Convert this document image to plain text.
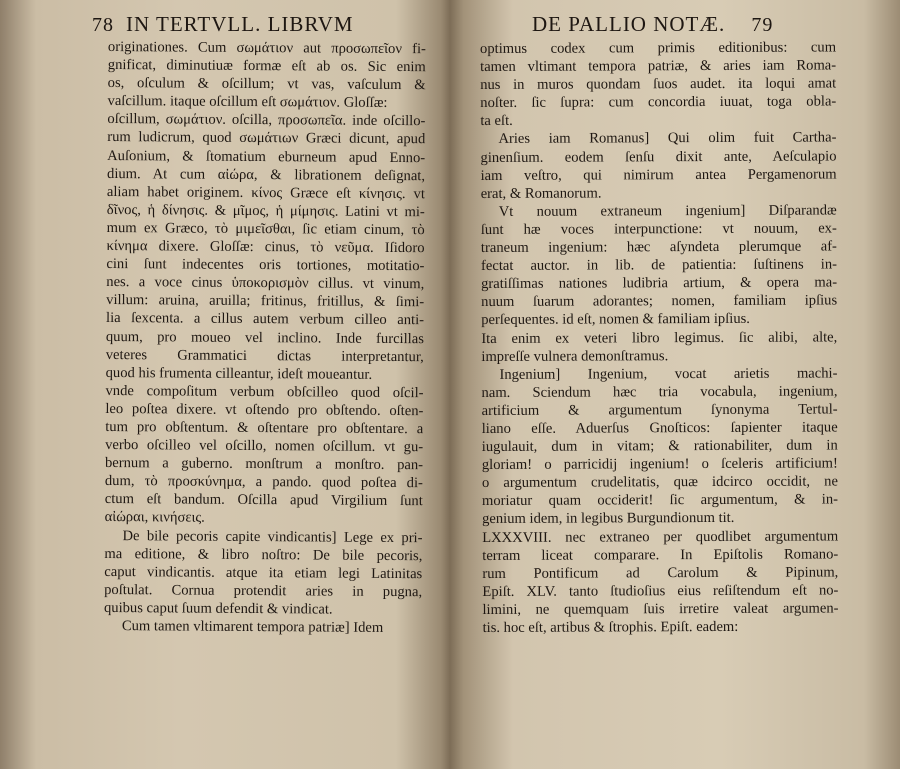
78 IN TERTVLL. LIBRVM
originationes. Cum σωμάτιον aut προσωπεῖον fi-
gnificat, diminutiuæ formæ eſt ab os. Sic enim
os, oſculum & oſcillum; vt vas, vaſculum &
vaſcillum. itaque oſcillum eſt σωμάτιον. Gloſſæ:
oſcillum, σωμάτιον. oſcilla, προσωπεῖα. inde oſcillo-
rum ludicrum, quod σωμάτιων Græci dicunt, apud
Auſonium, & ſtomatium eburneum apud Enno-
dium. At cum αἰώρα, & librationem deſignat,
aliam habet originem. κίνος Græce eſt κίνησις. vt
δῖνος, ἡ δίνησις. & μῖμος, ἡ μίμησις. Latini vt mi-
mum ex Græco, τὸ μιμεῖσθαι, ſic etiam cinum, τὸ
κίνημα dixere. Gloſſæ: cinus, τὸ νεῦμα. Iſidoro
cini ſunt indecentes oris tortiones, motitatio-
nes. a voce cinus ὑποκορισμὸν cillus. vt vinum,
villum: aruina, aruilla; fritinus, fritillus, & ſimi-
lia ſexcenta. a cillus autem verbum cilleo anti-
quum, pro moueo vel inclino. Inde furcillas
veteres Grammatici dictas interpretantur,
quod his frumenta cilleantur, ideſt moueantur.
vnde compoſitum verbum obſcilleo quod oſcil-
leo poſtea dixere. vt oſtendo pro obſtendo. oſten-
tum pro obſtentum. & oſtentare pro obſtentare. a
verbo oſcilleo vel oſcillo, nomen oſcillum. vt gu-
bernum a guberno. monſtrum a monſtro. pan-
dum, τὸ προσκύνημα, a pando. quod poſtea di-
ctum eſt bandum. Oſcilla apud Virgilium ſunt
αἰώραι, κινήσεις.
De bile pecoris capite vindicantis] Lege ex pri-
ma editione, & libro noſtro: De bile pecoris,
caput vindicantis. atque ita etiam legi Latinitas
poſtulat. Cornua protendit aries in pugna,
quibus caput ſuum defendit & vindicat.
Cum tamen vltimarent tempora patriæ] Idem
DE PALLIO NOTÆ. 79
optimus codex cum primis editionibus: cum
tamen vltimant tempora patriæ, & aries iam Roma-
nus in muros quondam ſuos audet. ita loqui amat
noſter. ſic ſupra: cum concordia iuuat, toga obla-
ta eſt.
Aries iam Romanus] Qui olim fuit Cartha-
ginenſium. eodem ſenſu dixit ante, Aeſculapio
iam veſtro, qui nimirum antea Pergamenorum
erat, & Romanorum.
Vt nouum extraneum ingenium] Diſparandæ
ſunt hæ voces interpunctione: vt nouum, ex-
traneum ingenium: hæc aſyndeta plerumque af-
fectat auctor. in lib. de patientia: ſuſtinens in-
gratiſſimas nationes ludibria artium, & opera ma-
nuum ſuarum adorantes; nomen, familiam ipſius
perſequentes. id eſt, nomen & familiam ipſius.
Ita enim ex veteri libro legimus. ſic alibi, alte,
impreſſe vulnera demonſtramus.
Ingenium] Ingenium, vocat arietis machi-
nam. Sciendum hæc tria vocabula, ingenium,
artificium & argumentum ſynonyma Tertul-
liano eſſe. Aduerſus Gnoſticos: ſapienter itaque
iugulauit, dum in vitam; & rationabiliter, dum in
gloriam! o parricidij ingenium! o ſceleris artificium!
o argumentum crudelitatis, quæ idcirco occidit, ne
moriatur quam occiderit! ſic argumentum, & in-
genium idem, in legibus Burgundionum tit.
LXXXVIII. nec extraneo per quodlibet argumentum
terram liceat comparare. In Epiſtolis Romano-
rum Pontificum ad Carolum & Pipinum,
Epiſt. XLV. tanto ſtudioſius eius reſiſtendum eſt no-
limini, ne quemquam ſuis irretire valeat argumen-
tis. hoc eſt, artibus & ſtrophis. Epiſt. eadem:
